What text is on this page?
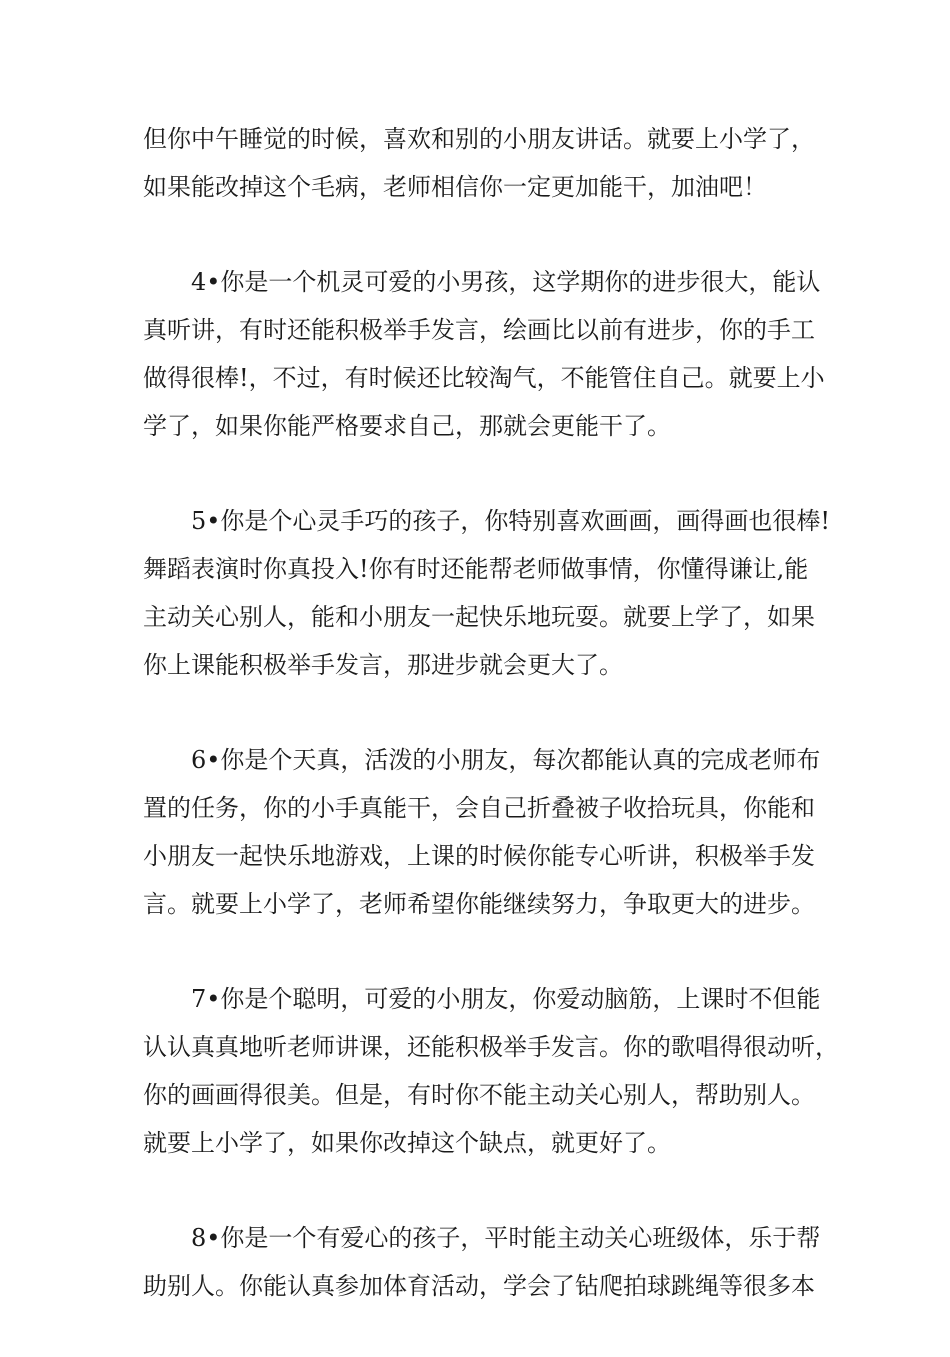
但你中午睡觉的时候，喜欢和别的小朋友讲话。就要上小学了，
如果能改掉这个毛病，老师相信你一定更加能干，加油吧！
4•你是一个机灵可爱的小男孩，这学期你的进步很大，能认
真听讲，有时还能积极举手发言，绘画比以前有进步，你的手工
做得很棒!，不过，有时候还比较淘气，不能管住自己。就要上小
学了，如果你能严格要求自己，那就会更能干了。
5•你是个心灵手巧的孩子，你特别喜欢画画，画得画也很棒!
舞蹈表演时你真投入!你有时还能帮老师做事情，你懂得谦让,能
主动关心别人，能和小朋友一起快乐地玩耍。就要上学了，如果
你上课能积极举手发言，那进步就会更大了。
6•你是个天真，活泼的小朋友，每次都能认真的完成老师布
置的任务，你的小手真能干，会自己折叠被子收拾玩具，你能和
小朋友一起快乐地游戏，上课的时候你能专心听讲，积极举手发
言。就要上小学了，老师希望你能继续努力，争取更大的进步。
7•你是个聪明，可爱的小朋友，你爱动脑筋，上课时不但能
认认真真地听老师讲课，还能积极举手发言。你的歌唱得很动听，
你的画画得很美。但是，有时你不能主动关心别人，帮助别人。
就要上小学了，如果你改掉这个缺点，就更好了。
8•你是一个有爱心的孩子，平时能主动关心班级体，乐于帮
助别人。你能认真参加体育活动，学会了钻爬拍球跳绳等很多本
